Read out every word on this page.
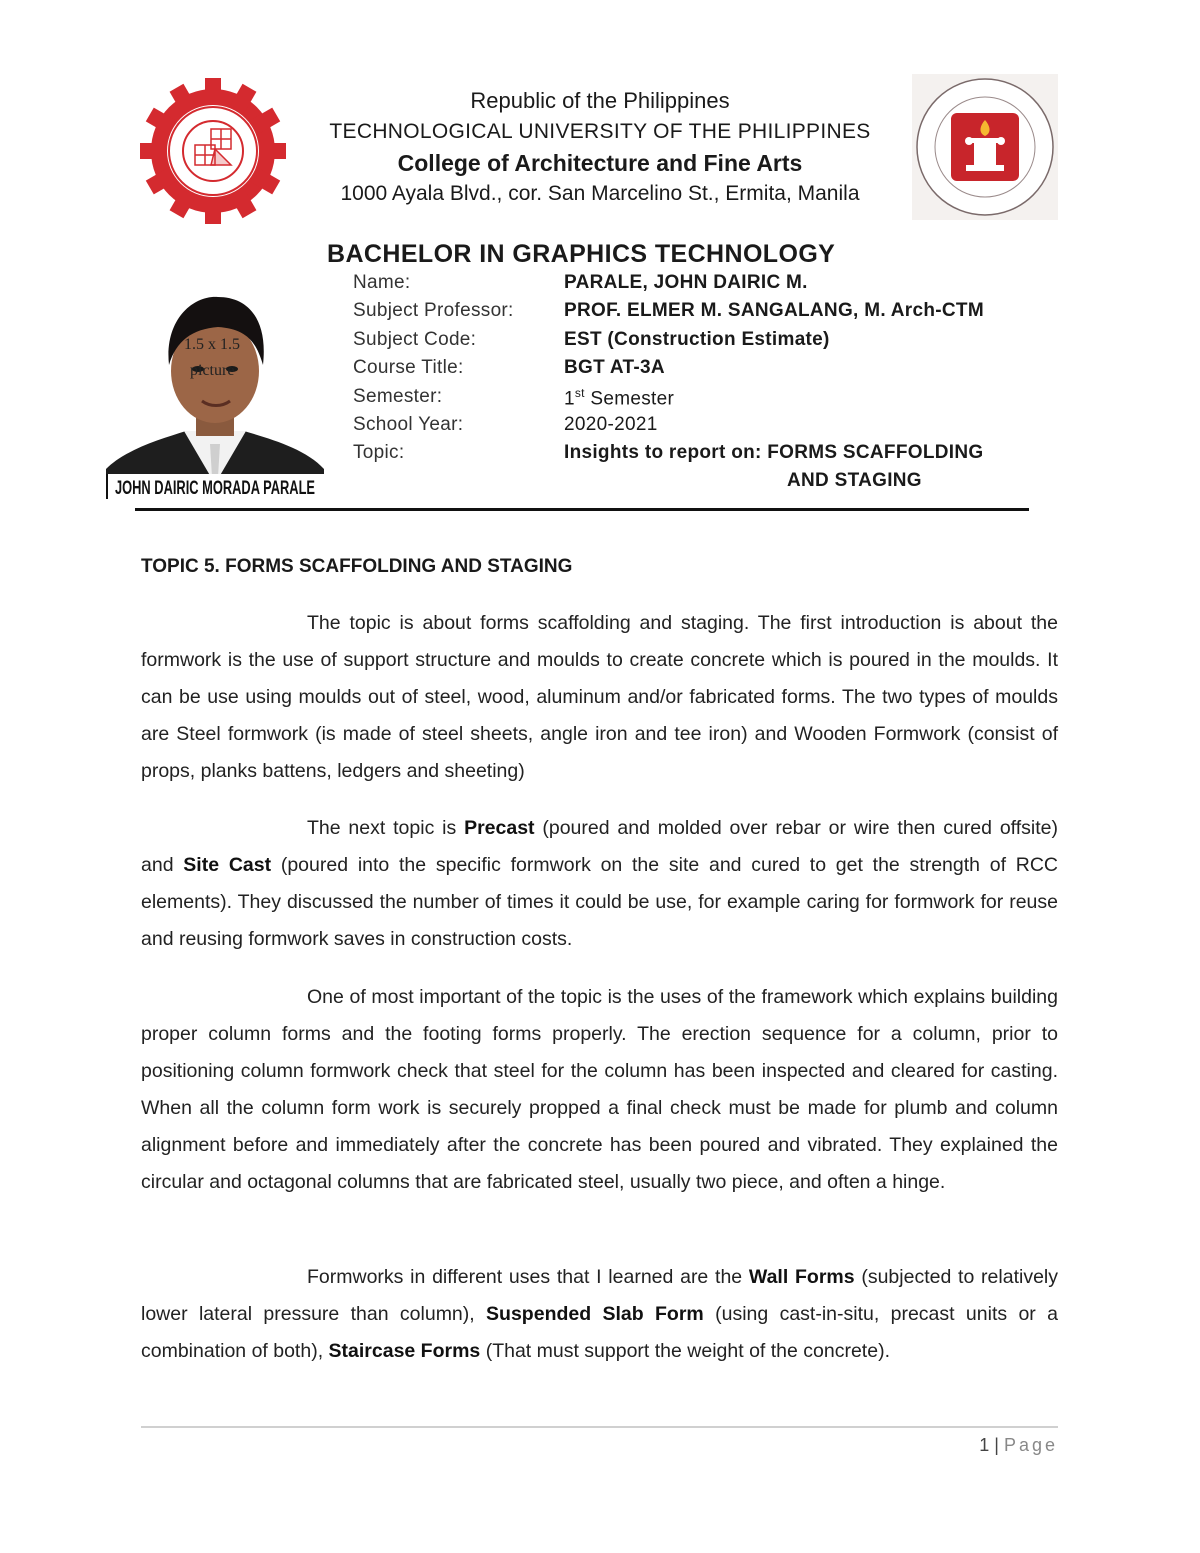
Republic of the Philippines
TECHNOLOGICAL UNIVERSITY OF THE PHILIPPINES
College of Architecture and Fine Arts
1000 Ayala Blvd., cor. San Marcelino St., Ermita, Manila
BACHELOR IN GRAPHICS TECHNOLOGY
JOHN DAIRIC MORADA PARALE
1.5 x 1.5
picture
Name:	PARALE, JOHN DAIRIC M.
Subject Professor:	PROF. ELMER M. SANGALANG, M. Arch-CTM
Subject Code:	EST (Construction Estimate)
Course Title:	BGT AT-3A
Semester:	1st Semester
School Year:	2020-2021
Topic:	Insights to report on: FORMS SCAFFOLDING
AND STAGING
TOPIC 5. FORMS SCAFFOLDING AND STAGING

The topic is about forms scaffolding and staging. The first introduction is about the formwork is the use of support structure and moulds to create concrete which is poured in the moulds. It can be use using moulds out of steel, wood, aluminum and/or fabricated forms. The two types of moulds are Steel formwork (is made of steel sheets, angle iron and tee iron) and Wooden Formwork (consist of props, planks battens, ledgers and sheeting)

The next topic is Precast (poured and molded over rebar or wire then cured offsite) and Site Cast (poured into the specific formwork on the site and cured to get the strength of RCC elements). They discussed the number of times it could be use, for example caring for formwork for reuse and reusing formwork saves in construction costs.

One of most important of the topic is the uses of the framework which explains building proper column forms and the footing forms properly. The erection sequence for a column, prior to positioning column formwork check that steel for the column has been inspected and cleared for casting. When all the column form work is securely propped a final check must be made for plumb and column alignment before and immediately after the concrete has been poured and vibrated. They explained the circular and octagonal columns that are fabricated steel, usually two piece, and often a hinge.

Formworks in different uses that I learned are the Wall Forms (subjected to relatively lower lateral pressure than column), Suspended Slab Form (using cast-in-situ, precast units or a combination of both), Staircase Forms (That must support the weight of the concrete).

1 | Page
